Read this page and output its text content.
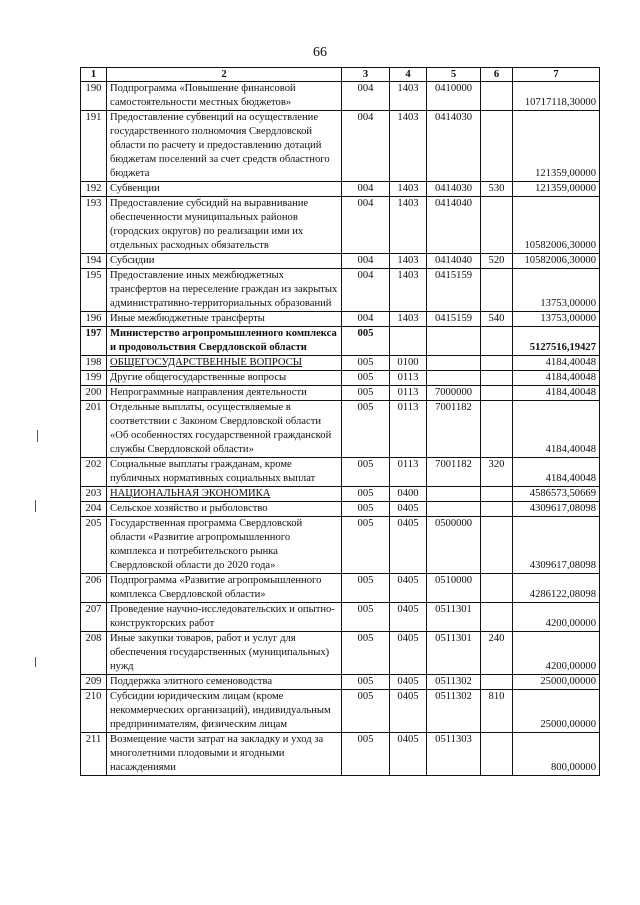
66
1	2	3	4	5	6	7
190	Подпрограмма «Повышение финансовой самостоятельности местных бюджетов»	004	1403	0410000		10717118,30000
191	Предоставление субвенций на осуществление государственного полномочия Свердловской области по расчету и предоставлению дотаций бюджетам поселений за счет средств областного бюджета	004	1403	0414030		121359,00000
192	Субвенции	004	1403	0414030	530	121359,00000
193	Предоставление субсидий на выравнивание обеспеченности муниципальных районов (городских округов) по реализации ими их отдельных расходных обязательств	004	1403	0414040		10582006,30000
194	Субсидии	004	1403	0414040	520	10582006,30000
195	Предоставление иных межбюджетных трансфертов на переселение граждан из закрытых административно-территориальных образований	004	1403	0415159		13753,00000
196	Иные межбюджетные трансферты	004	1403	0415159	540	13753,00000
197	Министерство агропромышленного комплекса и продовольствия Свердловской области	005				5127516,19427
198	ОБЩЕГОСУДАРСТВЕННЫЕ ВОПРОСЫ	005	0100			4184,40048
199	Другие общегосударственные вопросы	005	0113			4184,40048
200	Непрограммные направления деятельности	005	0113	7000000		4184,40048
201	Отдельные выплаты, осуществляемые в соответствии с Законом Свердловской области «Об особенностях государственной гражданской службы Свердловской области»	005	0113	7001182		4184,40048
202	Социальные выплаты гражданам, кроме публичных нормативных социальных выплат	005	0113	7001182	320	4184,40048
203	НАЦИОНАЛЬНАЯ ЭКОНОМИКА	005	0400			4586573,50669
204	Сельское хозяйство и рыболовство	005	0405			4309617,08098
205	Государственная программа Свердловской области «Развитие агропромышленного комплекса и потребительского рынка Свердловской области до 2020 года»	005	0405	0500000		4309617,08098
206	Подпрограмма «Развитие агропромышленного комплекса Свердловской области»	005	0405	0510000		4286122,08098
207	Проведение научно-исследовательских и опытно-конструкторских работ	005	0405	0511301		4200,00000
208	Иные закупки товаров, работ и услуг для обеспечения государственных (муниципальных) нужд	005	0405	0511301	240	4200,00000
209	Поддержка элитного семеноводства	005	0405	0511302		25000,00000
210	Субсидии юридическим лицам (кроме некоммерческих организаций), индивидуальным предпринимателям, физическим лицам	005	0405	0511302	810	25000,00000
211	Возмещение части затрат на закладку и уход за многолетними плодовыми и ягодными насаждениями	005	0405	0511303		800,00000
